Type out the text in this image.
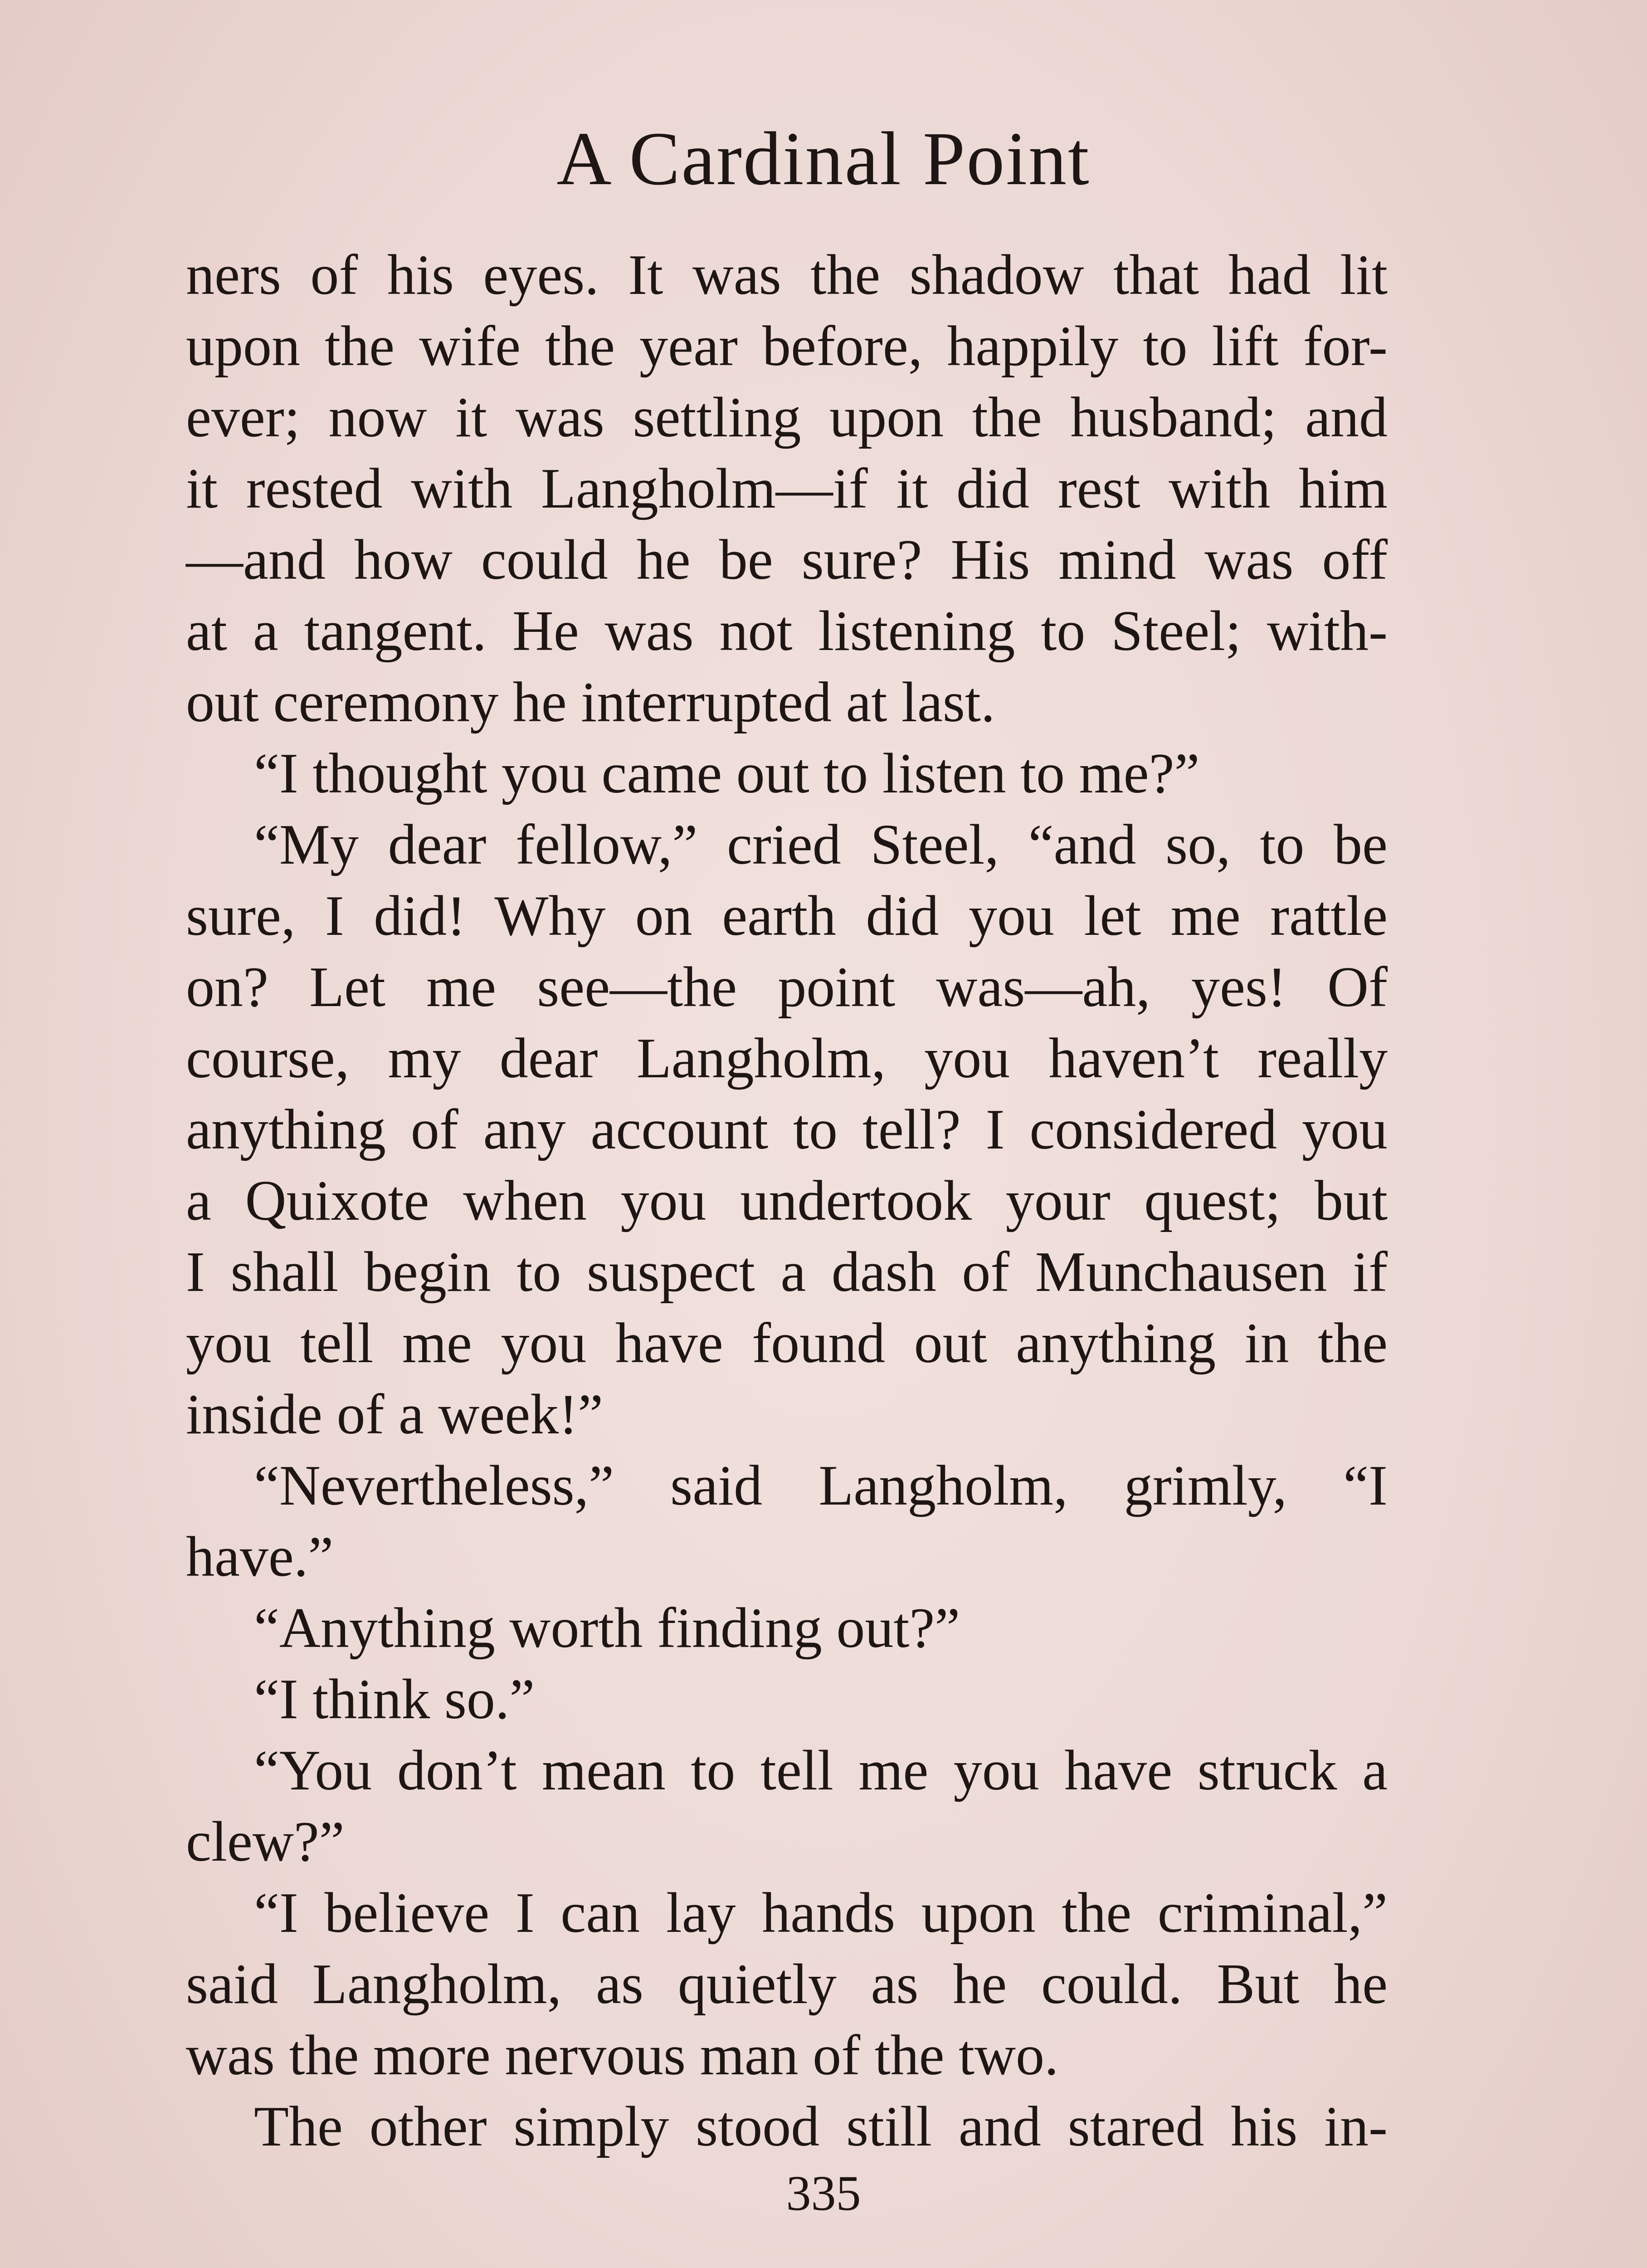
A Cardinal Point
ners of his eyes. It was the shadow that had lit
upon the wife the year before, happily to lift for-
ever; now it was settling upon the husband; and
it rested with Langholm—if it did rest with him
—and how could he be sure? His mind was off
at a tangent. He was not listening to Steel; with-
out ceremony he interrupted at last.
“I thought you came out to listen to me?”
“My dear fellow,” cried Steel, “and so, to be
sure, I did! Why on earth did you let me rattle
on? Let me see—the point was—ah, yes! Of
course, my dear Langholm, you haven’t really
anything of any account to tell? I considered you
a Quixote when you undertook your quest; but
I shall begin to suspect a dash of Munchausen if
you tell me you have found out anything in the
inside of a week!”
“Nevertheless,” said Langholm, grimly, “I
have.”
“Anything worth finding out?”
“I think so.”
“You don’t mean to tell me you have struck a
clew?”
“I believe I can lay hands upon the criminal,”
said Langholm, as quietly as he could. But he
was the more nervous man of the two.
The other simply stood still and stared his in-
335
